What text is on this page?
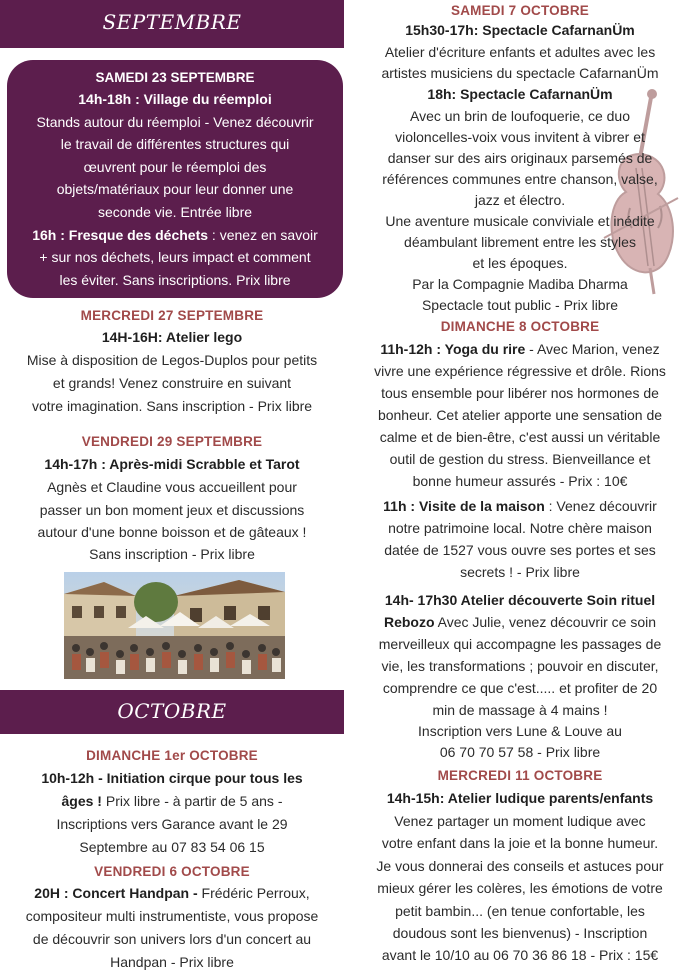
SEPTEMBRE
SAMEDI 23 SEPTEMBRE
14h-18h : Village du réemploi
Stands autour du réemploi - Venez découvrir
le travail de différentes structures qui
œuvrent pour le réemploi des
objets/matériaux pour leur donner une
seconde vie. Entrée libre
16h : Fresque des déchets : venez en savoir
+ sur nos déchets, leurs impact et comment
les éviter. Sans inscriptions. Prix libre
MERCREDI 27 SEPTEMBRE
14H-16H: Atelier lego
Mise à disposition de Legos-Duplos pour petits
et grands! Venez construire en suivant
votre imagination. Sans inscription - Prix libre
VENDREDI 29 SEPTEMBRE
14h-17h : Après-midi Scrabble et Tarot
Agnès et Claudine vous accueillent pour
passer un bon moment jeux et discussions
autour d'une bonne boisson et de gâteaux !
Sans inscription - Prix libre
OCTOBRE
DIMANCHE 1er OCTOBRE
10h-12h - Initiation cirque pour tous les
âges ! Prix libre - à partir de 5 ans -
Inscriptions vers Garance avant le 29
Septembre au 07 83 54 06 15
VENDREDI 6 OCTOBRE
20H : Concert Handpan - Frédéric Perroux,
compositeur multi instrumentiste, vous propose
de découvrir son univers lors d'un concert au
Handpan - Prix libre
SAMEDI 7 OCTOBRE
15h30-17h: Spectacle CafarnanÜm
Atelier d'écriture enfants et adultes avec les
artistes musiciens du spectacle CafarnanÜm
18h: Spectacle CafarnanÜm
Avec un brin de loufoquerie, ce duo
violoncelles-voix vous invitent à vibrer et
danser sur des airs originaux parsemés de
références communes entre chanson, valse,
jazz et électro.
Une aventure musicale conviviale et inédite
déambulant librement entre les styles
et les époques.
Par la Compagnie Madiba Dharma
Spectacle tout public - Prix libre
DIMANCHE 8 OCTOBRE
11h-12h : Yoga du rire - Avec Marion, venez
vivre une expérience régressive et drôle. Rions
tous ensemble pour libérer nos hormones de
bonheur. Cet atelier apporte une sensation de
calme et de bien-être, c'est aussi un véritable
outil de gestion du stress. Bienveillance et
bonne humeur assurés - Prix : 10€
11h : Visite de la maison : Venez découvrir
notre patrimoine local. Notre chère maison
datée de 1527 vous ouvre ses portes et ses
secrets ! - Prix libre
14h- 17h30 Atelier découverte Soin rituel
Rebozo Avec Julie, venez découvrir ce soin
merveilleux qui accompagne les passages de
vie, les transformations ; pouvoir en discuter,
comprendre ce que c'est..... et profiter de 20
min de massage à 4 mains !
Inscription vers Lune & Louve au
06 70 70 57 58 - Prix libre
MERCREDI 11 OCTOBRE
14h-15h: Atelier ludique parents/enfants
Venez partager un moment ludique avec
votre enfant dans la joie et la bonne humeur.
Je vous donnerai des conseils et astuces pour
mieux gérer les colères, les émotions de votre
petit bambin... (en tenue confortable, les
doudous sont les bienvenus) - Inscription
avant le 10/10 au 06 70 36 86 18 - Prix : 15€
